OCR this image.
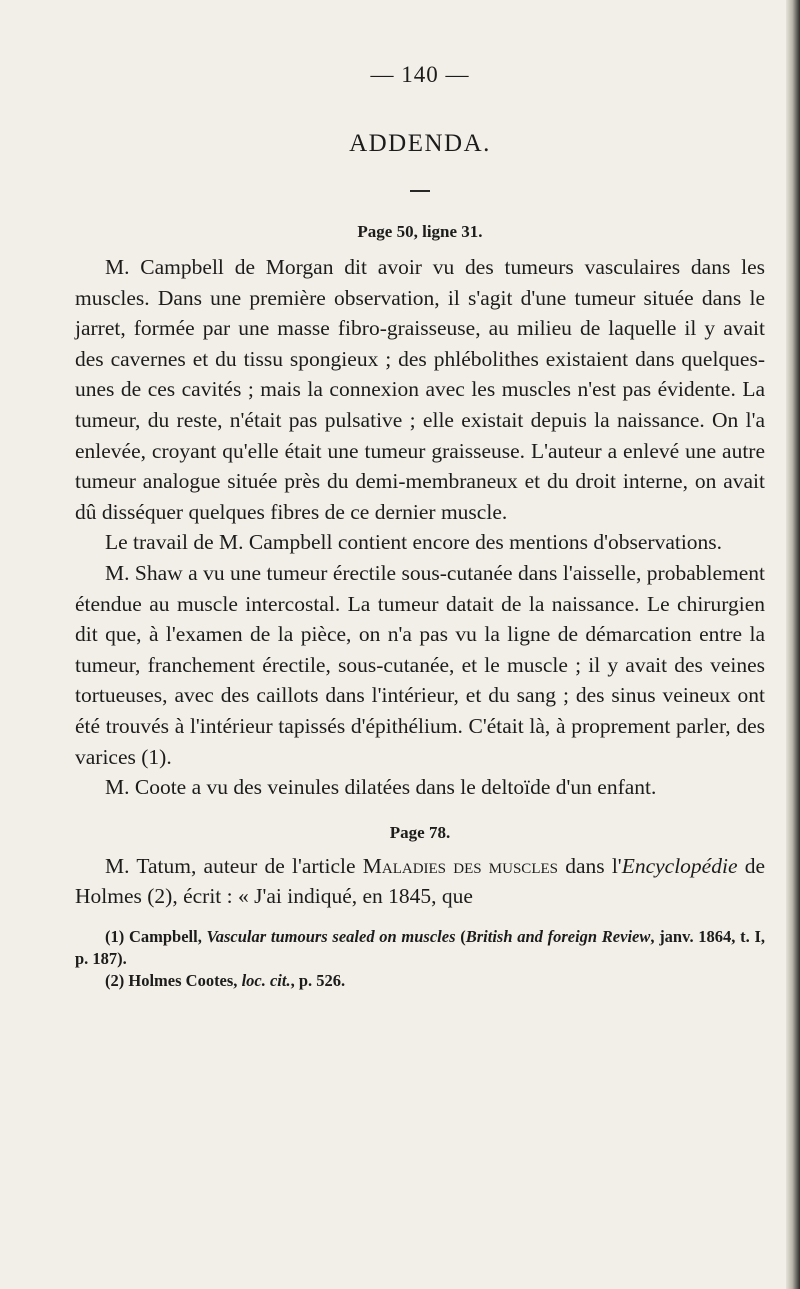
— 140 —
ADDENDA.
Page 50, ligne 31.

M. Campbell de Morgan dit avoir vu des tumeurs vasculaires dans les muscles. Dans une première observation, il s'agit d'une tumeur située dans le jarret, formée par une masse fibro-graisseuse, au milieu de laquelle il y avait des cavernes et du tissu spongieux ; des phlébolithes existaient dans quelques-unes de ces cavités ; mais la connexion avec les muscles n'est pas évidente. La tumeur, du reste, n'était pas pulsative ; elle existait depuis la naissance. On l'a enlevée, croyant qu'elle était une tumeur graisseuse. L'auteur a enlevé une autre tumeur analogue située près du demi-membraneux et du droit interne, on avait dû disséquer quelques fibres de ce dernier muscle.

Le travail de M. Campbell contient encore des mentions d'observations.

M. Shaw a vu une tumeur érectile sous-cutanée dans l'aisselle, probablement étendue au muscle intercostal. La tumeur datait de la naissance. Le chirurgien dit que, à l'examen de la pièce, on n'a pas vu la ligne de démarcation entre la tumeur, franchement érectile, sous-cutanée, et le muscle ; il y avait des veines tortueuses, avec des caillots dans l'intérieur, et du sang ; des sinus veineux ont été trouvés à l'intérieur tapissés d'épithélium. C'était là, à proprement parler, des varices (1).

M. Coote a vu des veinules dilatées dans le deltoïde d'un enfant.

Page 78.

M. Tatum, auteur de l'article Maladies des muscles dans l'Encyclopédie de Holmes (2), écrit : « J'ai indiqué, en 1845, que

(1) Campbell, Vascular tumours sealed on muscles (British and foreign Review, janv. 1864, t. I, p. 187).

(2) Holmes Cootes, loc. cit., p. 526.
